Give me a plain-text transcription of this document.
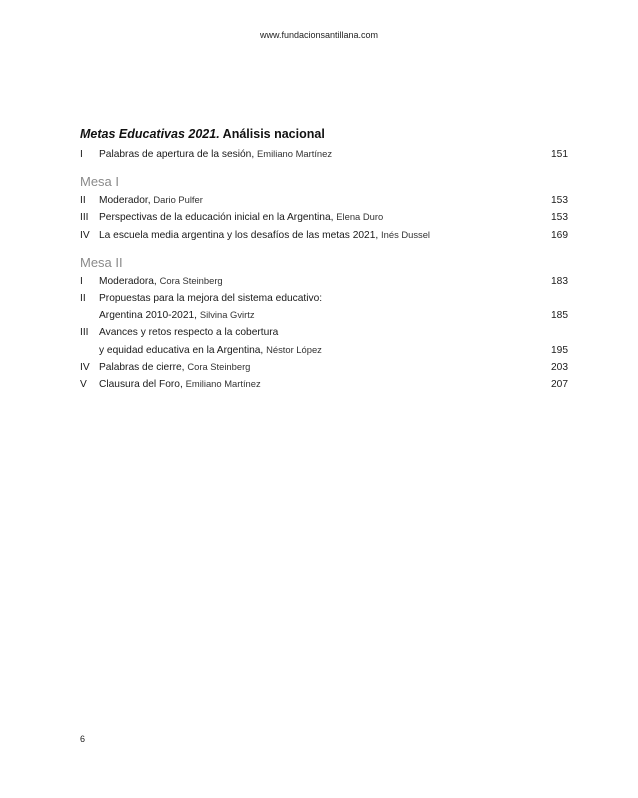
www.fundacionsantillana.com
Metas Educativas 2021. Análisis nacional
I	Palabras de apertura de la sesión, Emiliano Martínez	151
Mesa I
II	Moderador, Dario Pulfer	153
III	Perspectivas de la educación inicial en la Argentina, Elena Duro	153
IV La escuela media argentina y los desafíos de las metas 2021, Inés Dussel	169
Mesa II
I	Moderadora, Cora Steinberg	183
II	Propuestas para la mejora del sistema educativo:
Argentina 2010-2021, Silvina Gvirtz	185
III	Avances y retos respecto a la cobertura
y equidad educativa en la Argentina, Néstor López	195
IV Palabras de cierre, Cora Steinberg	203
V	Clausura del Foro, Emiliano Martínez	207
6
